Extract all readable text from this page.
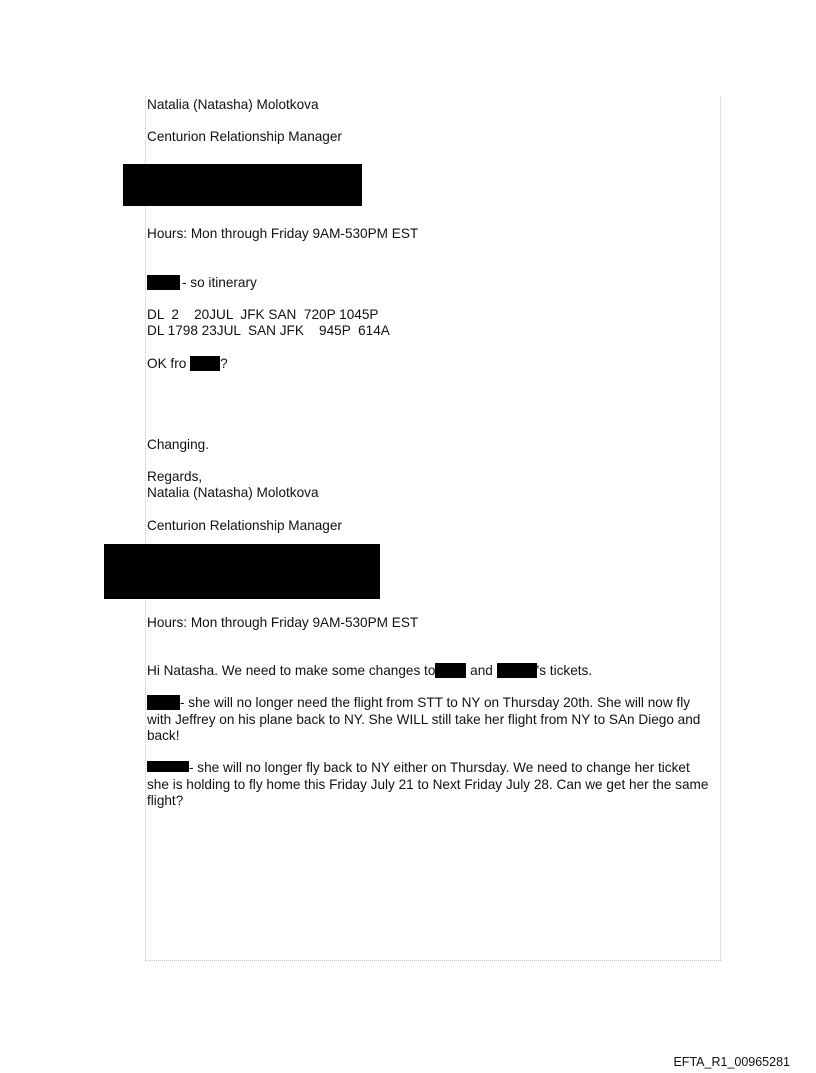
Natalia (Natasha) Molotkova
Centurion Relationship Manager
Hours: Mon through Friday 9AM-530PM EST
- so itinerary
DL  2    20JUL  JFK SAN  720P 1045P
DL 1798 23JUL  SAN JFK    945P  614A
OK fro ?
Changing.
Regards,
Natalia (Natasha) Molotkova
Centurion Relationship Manager
Hours: Mon through Friday 9AM-530PM EST
Hi Natasha. We need to make some changes to and	's tickets.
- she will no longer need the flight from STT to NY on Thursday 20th. She will now fly with Jeffrey on his plane back to NY. She WILL still take her flight from NY to SAn Diego and back!
- she will no longer fly back to NY either on Thursday. We need to change her ticket she is holding to fly home this Friday July 21 to Next Friday July 28. Can we get her the same flight?
EFTA_R1_00965281
